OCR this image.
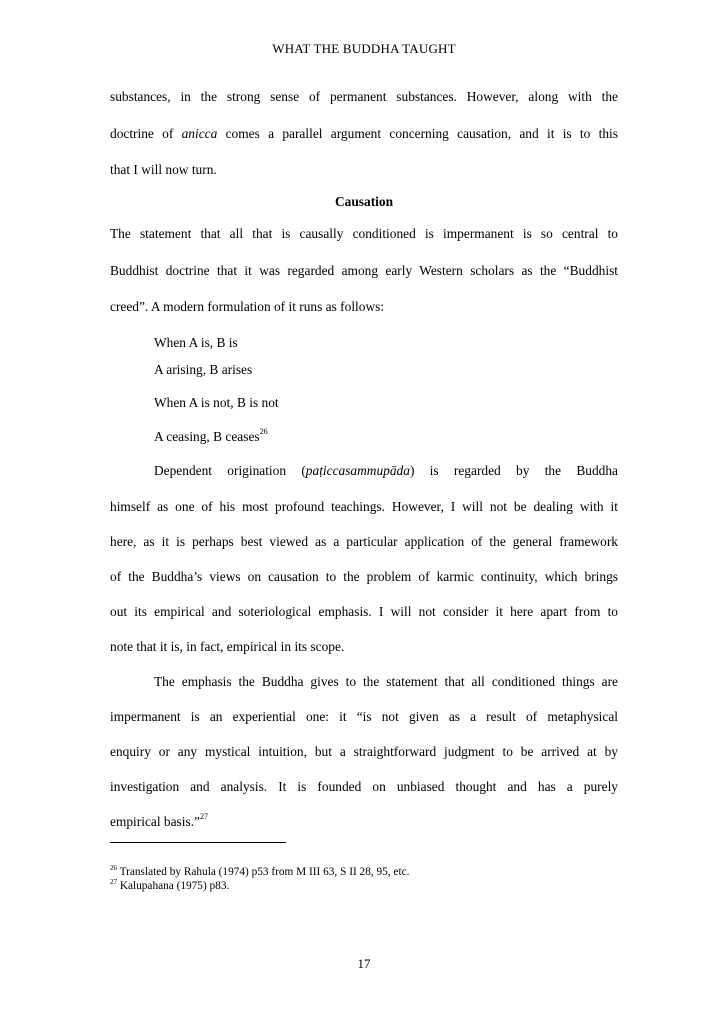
WHAT THE BUDDHA TAUGHT
substances, in the strong sense of permanent substances. However, along with the
doctrine of anicca comes a parallel argument concerning causation, and it is to this
that I will now turn.
Causation
The statement that all that is causally conditioned is impermanent is so central to
Buddhist doctrine that it was regarded among early Western scholars as the “Buddhist
creed”. A modern formulation of it runs as follows:
When A is, B is
A arising, B arises
When A is not, B is not
A ceasing, B ceases$^{26}$
Dependent origination (paṭiccasammupāda) is regarded by the Buddha
himself as one of his most profound teachings. However, I will not be dealing with it
here, as it is perhaps best viewed as a particular application of the general framework
of the Buddha’s views on causation to the problem of karmic continuity, which brings
out its empirical and soteriological emphasis. I will not consider it here apart from to
note that it is, in fact, empirical in its scope.
The emphasis the Buddha gives to the statement that all conditioned things are
impermanent is an experiential one: it “is not given as a result of metaphysical
enquiry or any mystical intuition, but a straightforward judgment to be arrived at by
investigation and analysis. It is founded on unbiased thought and has a purely
empirical basis.”$^{27}$
$^{26}$ Translated by Rahula (1974) p53 from M III 63, S II 28, 95, etc.
$^{27}$ Kalupahana (1975) p83.
17
